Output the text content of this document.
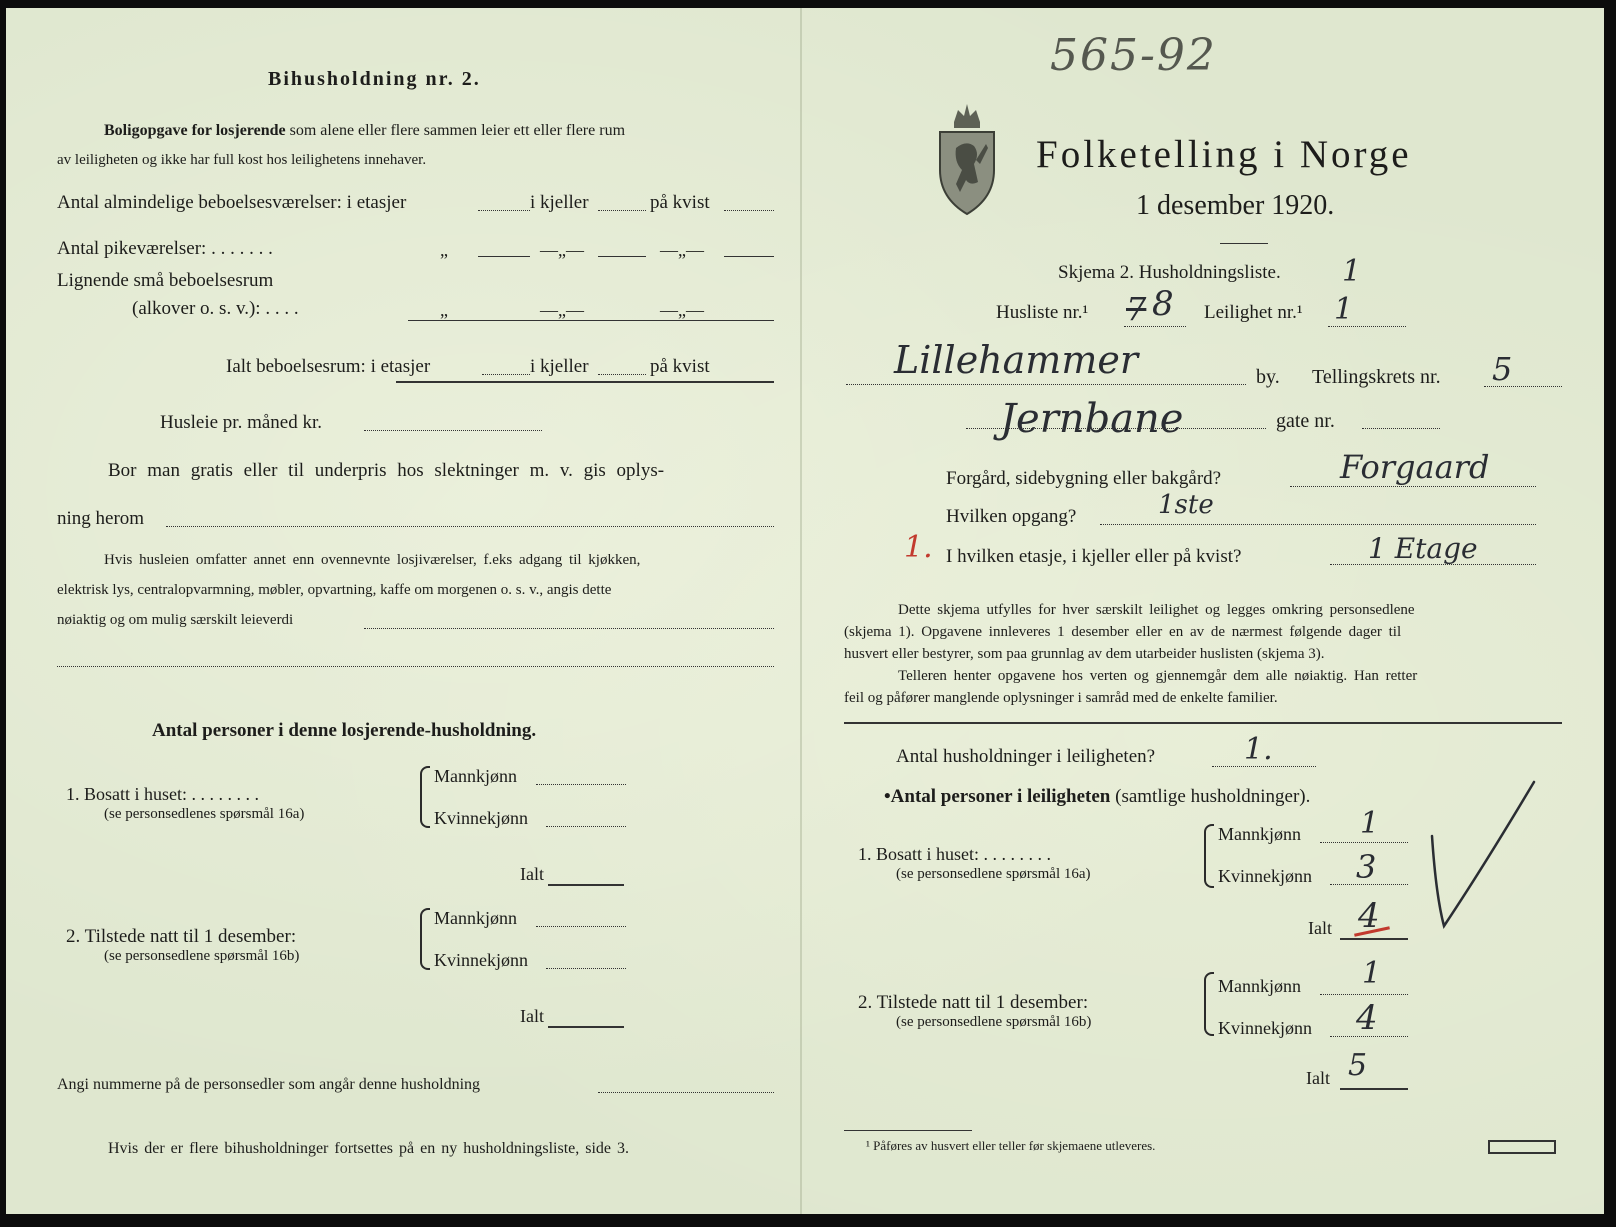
Bihusholdning nr. 2.
Boligopgave for losjerende som alene eller flere sammen leier ett eller flere rum
av leiligheten og ikke har full kost hos leilighetens innehaver.
Antal almindelige beboelsesværelser: i etasjer	i kjeller	på kvist
Antal pikeværelser: . . . . . . .	„	—„—	—„—
Lignende små beboelsesrum
(alkover o. s. v.): . . . .	„	—„—	—„—
Ialt beboelsesrum: i etasjer	i kjeller	på kvist
Husleie pr. måned kr.
Bor man gratis eller til underpris hos slektninger m. v. gis oplys-
ning herom
Hvis husleien omfatter annet enn ovennevnte losjiværelser, f.eks adgang til kjøkken,
elektrisk lys, centralopvarmning, møbler, opvartning, kaffe om morgenen o. s. v., angis dette
nøiaktig og om mulig særskilt leieverdi
Antal personer i denne losjerende-husholdning.
1. Bosatt i huset: . . . . . . . .
(se personsedlenes spørsmål 16a)
Mannkjønn
Kvinnekjønn
Ialt
2. Tilstede natt til 1 desember:
(se personsedlene spørsmål 16b)
Mannkjønn
Kvinnekjønn
Ialt
Angi nummerne på de personsedler som angår denne husholdning
Hvis der er flere bihusholdninger fortsettes på en ny husholdningsliste, side 3.
565-92
Folketelling i Norge
1 desember 1920.
Skjema 2. Husholdningsliste. 1
Husliste nr.¹ 7 8 Leilighet nr.¹ 1
Lillehammer	by. Tellingskrets nr. 5
Jernbane	gate nr.
Forgård, sidebygning eller bakgård?	Forgaard
Hvilken opgang?	1ste
1. I hvilken etasje, i kjeller eller på kvist?	1 Etage
Dette skjema utfylles for hver særskilt leilighet og legges omkring personsedlene
(skjema 1). Opgavene innleveres 1 desember eller en av de nærmest følgende dager til
husvert eller bestyrer, som paa grunnlag av dem utarbeider huslisten (skjema 3).
Telleren henter opgavene hos verten og gjennemgår dem alle nøiaktig. Han retter
feil og påfører manglende oplysninger i samråd med de enkelte familier.
Antal husholdninger i leiligheten?	1.
•Antal personer i leiligheten (samtlige husholdninger).
1. Bosatt i huset: . . . . . . . .
(se personsedlene spørsmål 16a)
Mannkjønn 1
Kvinnekjønn 3
Ialt 4
2. Tilstede natt til 1 desember:
(se personsedlene spørsmål 16b)
Mannkjønn 1
Kvinnekjønn 4
Ialt 5
¹ Påføres av husvert eller teller før skjemaene utleveres.
